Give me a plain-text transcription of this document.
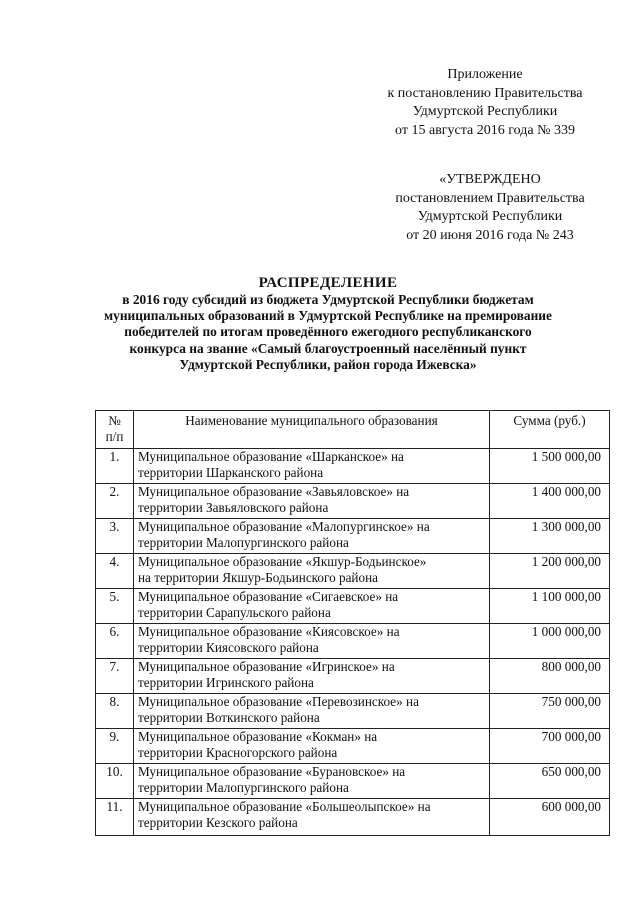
Приложение
к постановлению Правительства
Удмуртской Республики
от 15 августа 2016 года № 339
«УТВЕРЖДЕНО
постановлением Правительства
Удмуртской Республики
от 20 июня 2016 года № 243
РАСПРЕДЕЛЕНИЕ
в 2016 году субсидий из бюджета Удмуртской Республики бюджетам
муниципальных образований в Удмуртской Республике на премирование
победителей по итогам проведённого ежегодного республиканского
конкурса на звание «Самый благоустроенный населённый пункт
Удмуртской Республики, район города Ижевска»
№
п/п	Наименование муниципального образования	Сумма (руб.)
1.	Муниципальное образование «Шарканское» на
территории Шарканского района	1 500 000,00
2.	Муниципальное образование «Завьяловское» на
территории Завьяловского района	1 400 000,00
3.	Муниципальное образование «Малопургинское» на
территории Малопургинского района	1 300 000,00
4.	Муниципальное образование «Якшур-Бодьинское»
на территории Якшур-Бодьинского района	1 200 000,00
5.	Муниципальное образование «Сигаевское» на
территории Сарапульского района	1 100 000,00
6.	Муниципальное образование «Киясовское» на
территории Киясовского района	1 000 000,00
7.	Муниципальное образование «Игринское» на
территории Игринского района	800 000,00
8.	Муниципальное образование «Перевозинское» на
территории Воткинского района	750 000,00
9.	Муниципальное образование «Кокман» на
территории Красногорского района	700 000,00
10.	Муниципальное образование «Бурановское» на
территории Малопургинского района	650 000,00
11.	Муниципальное образование «Большеолыпское» на
территории Кезского района	600 000,00
